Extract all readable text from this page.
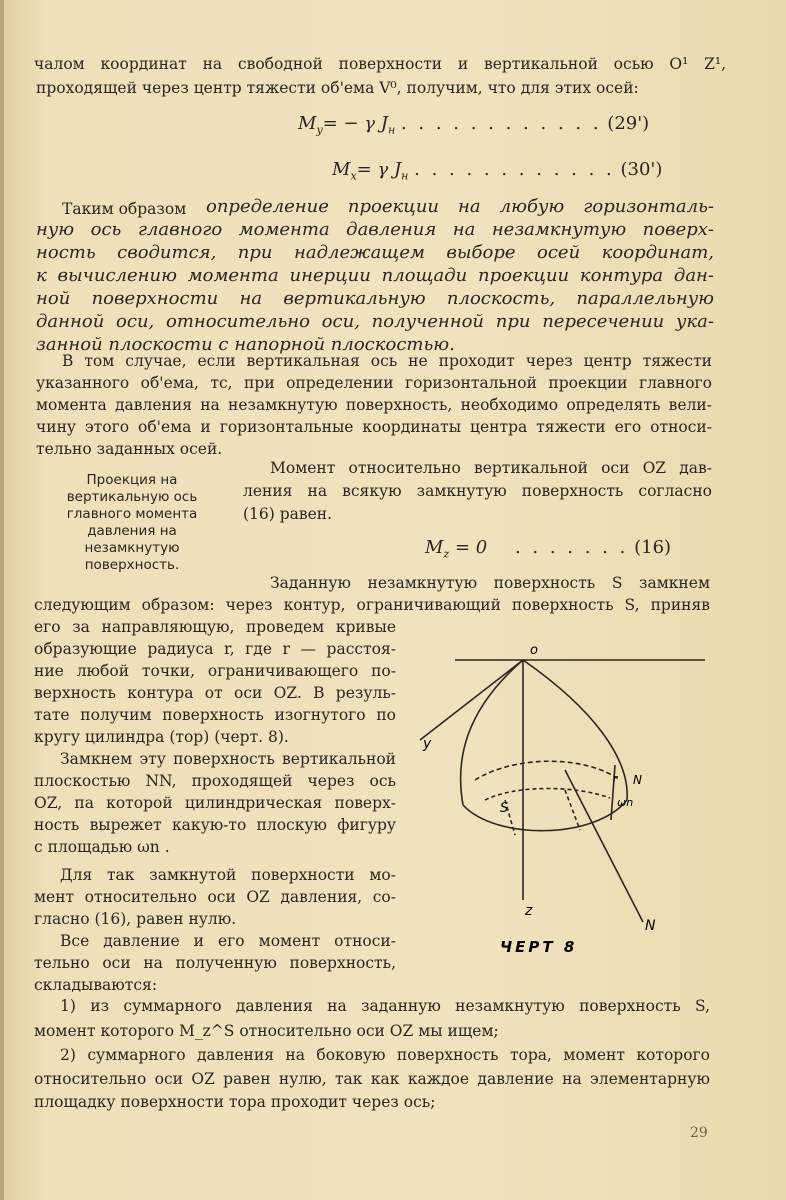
чалом координат на свободной поверхности и вертикальной осью O¹ Z¹,
проходящей через центр тяжести об'ема V⁰, получим, что для этих осей:
$M_y= - \gamma$ $J_н$ . . . . . . . . . . . . (29')
$M_x= \gamma$ $J_н$ . . . . . . . . . . . . (30')
Таким образом определение проекции на любую горизонталь-
ную ось главного момента давления на незамкнутую поверх-
ность сводится, при надлежащем выборе осей координат,
к вычислению момента инерции площади проекции контура дан-
ной поверхности на вертикальную плоскость, параллельную
данной оси, относительно оси, полученной при пересечении ука-
занной плоскости с напорной плоскостью.
В том случае, если вертикальная ось не проходит через центр тяжести
указанного об'ема, тс, при определении горизонтальной проекции главного
момента давления на незамкнутую поверхность, необходимо определять вели-
чину этого об'ема и горизонтальные координаты центра тяжести его относи-
тельно заданных осей.
Момент относительно вертикальной оси OZ дав-
ления на всякую замкнутую поверхность согласно
(16) равен.
Проекция на
вертикальную ось
главного момента
давления на
незамкнутую
поверхность.
$M_z = 0$ . . . . . . . (16)
Заданную незамкнутую поверхность S замкнем
следующим образом: через контур, ограничивающий поверхность S, приняв
его за направляющую, проведем кривые
образующие радиуса r, где r — расстоя-
ние любой точки, ограничивающего по-
верхность контура от оси OZ. В резуль-
тате получим поверхность изогнутого по
кругу цилиндра (тор) (черт. 8).
Замкнем эту поверхность вертикальной
плоскостью NN, проходящей через ось
OZ, па которой цилиндрическая поверх-
ность вырежет какую-то плоскую фигуру
с площадью ωn .
Для так замкнутой поверхности мо-
мент относительно оси OZ давления, со-
гласно (16), равен нулю.
Все давление и его момент относи-
тельно оси на полученную поверхность,
складываются:
1) из суммарного давления на заданную незамкнутую поверхность S,
момент которого M_z^S относительно оси OZ мы ищем;
2) суммарного давления на боковую поверхность тора, момент которого
относительно оси OZ равен нулю, так как каждое давление на элементарную
площадку поверхности тора проходит через ось;
o
y
z
S
N
N
r
ωn
ЧЕРТ 8
29
